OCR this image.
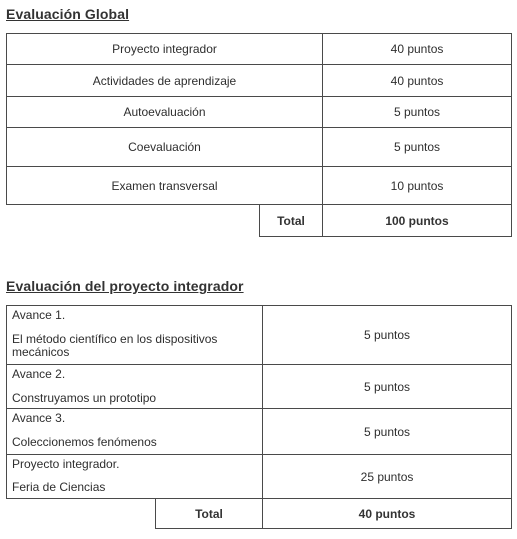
Evaluación Global
Proyecto integrador		40 puntos
Actividades de aprendizaje		40 puntos
Autoevaluación		5 puntos
Coevaluación		5 puntos
Examen transversal		10 puntos
	Total	100 puntos
Evaluación del proyecto integrador
Avance 1.
El método científico en los dispositivos mecánicos		5 puntos

Avance 2.
Construyamos un prototipo		5 puntos

Avance 3.
Coleccionemos fenómenos		5 puntos

Proyecto integrador.
Feria de Ciencias		25 puntos
	Total	40 puntos
